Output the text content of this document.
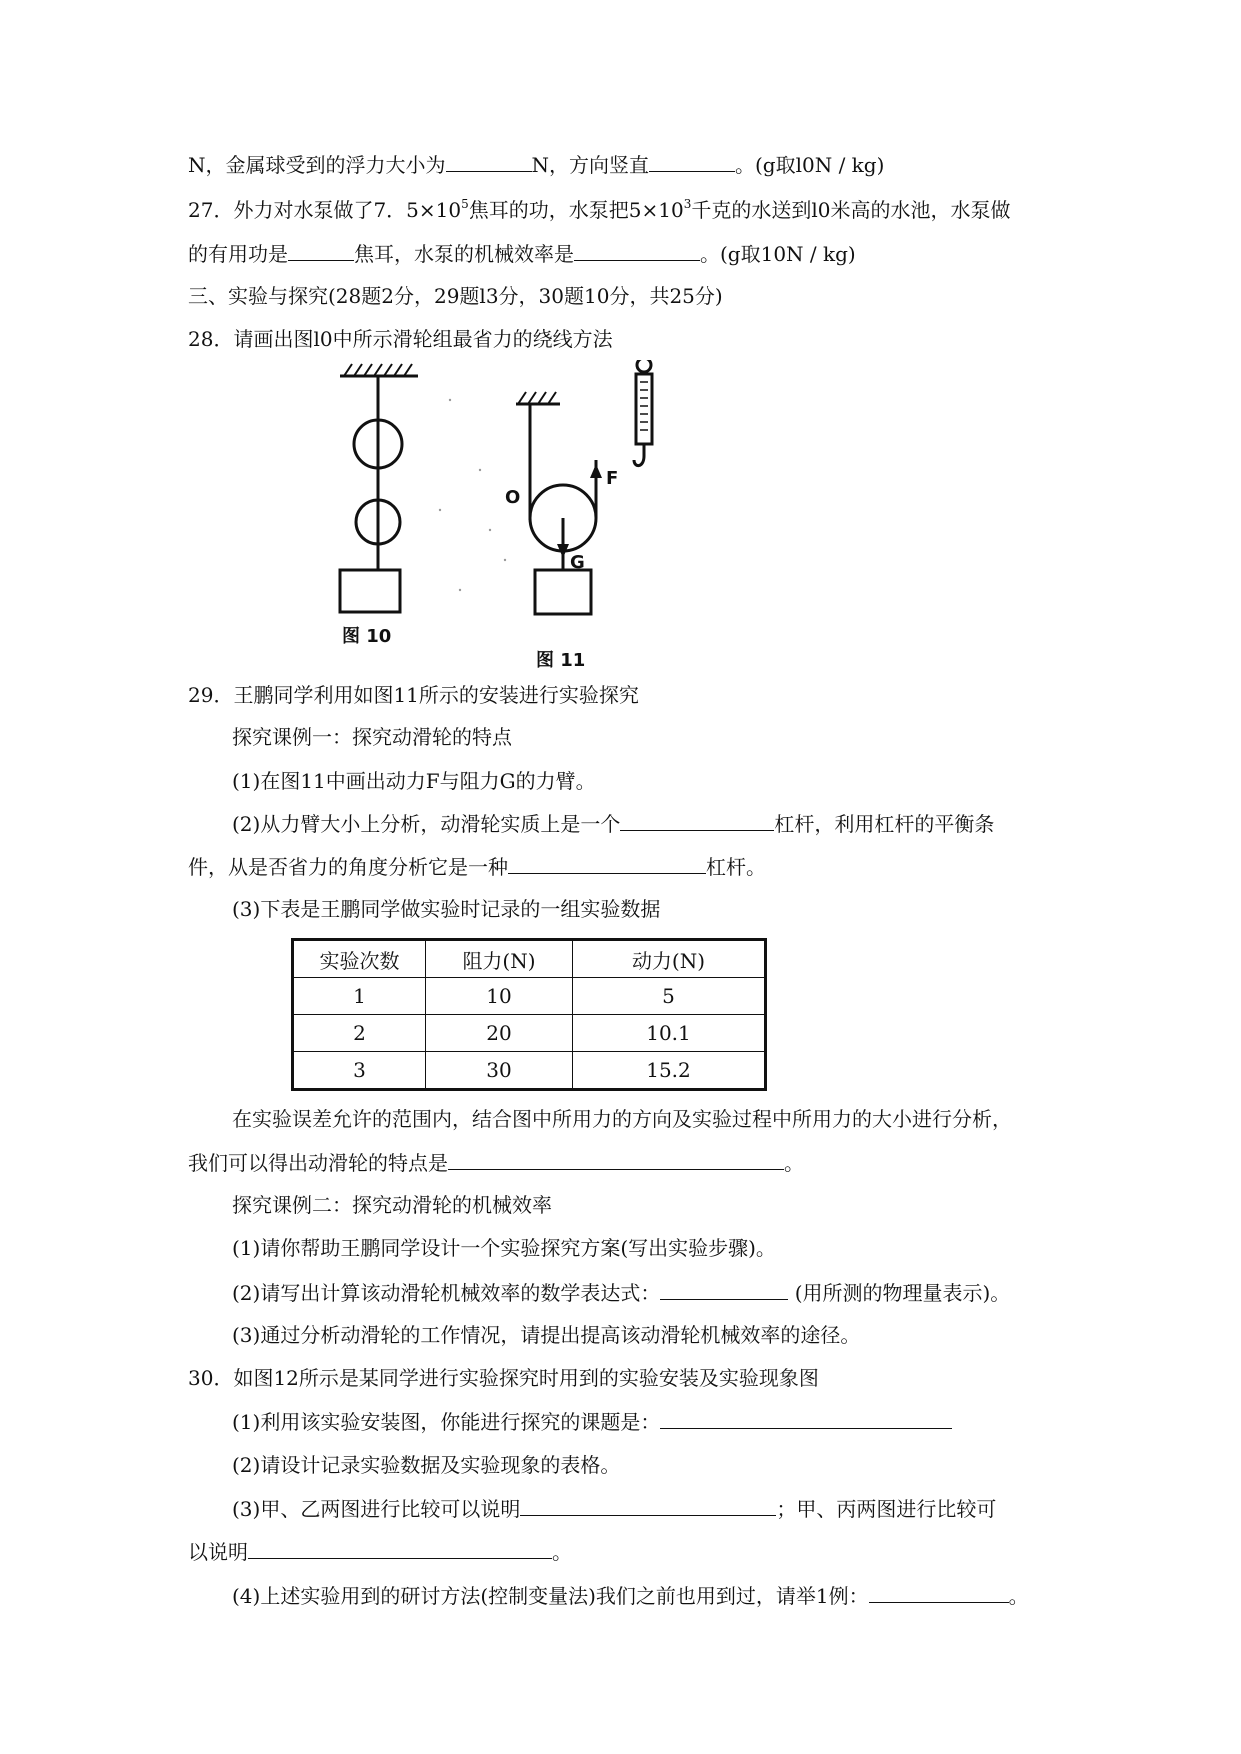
N，金属球受到的浮力大小为	N，方向竖直	。(g取l0N / kg)
27．外力对水泵做了7．$5\times 10^5$焦耳的功，水泵把$5\times 10^3$千克的水送到l0米高的水池，水泵做
的有用功是	焦耳，水泵的机械效率是	。(g取10N / kg)
三、实验与探究(28题2分，29题l3分，30题10分，共25分)
28．请画出图l0中所示滑轮组最省力的绕线方法
O
F
G
图 10
图 11
29．王鹏同学利用如图11所示的安装进行实验探究
探究课例一：探究动滑轮的特点
(1)在图11中画出动力F与阻力G的力臂。
(2)从力臂大小上分析，动滑轮实质上是一个	杠杆，利用杠杆的平衡条
件，从是否省力的角度分析它是一种	杠杆。
(3)下表是王鹏同学做实验时记录的一组实验数据
实验次数	阻力(N)	动力(N)
1	10	5
2	20	10.1
3	30	15.2
在实验误差允许的范围内，结合图中所用力的方向及实验过程中所用力的大小进行分析，
我们可以得出动滑轮的特点是	。
探究课例二：探究动滑轮的机械效率
(1)请你帮助王鹏同学设计一个实验探究方案(写出实验步骤)。
(2)请写出计算该动滑轮机械效率的数学表达式：	(用所测的物理量表示)。
(3)通过分析动滑轮的工作情况，请提出提高该动滑轮机械效率的途径。
30．如图12所示是某同学进行实验探究时用到的实验安装及实验现象图
(1)利用该实验安装图，你能进行探究的课题是：
(2)请设计记录实验数据及实验现象的表格。
(3)甲、乙两图进行比较可以说明	；甲、丙两图进行比较可
以说明	。
(4)上述实验用到的研讨方法(控制变量法)我们之前也用到过，请举1例：	。
